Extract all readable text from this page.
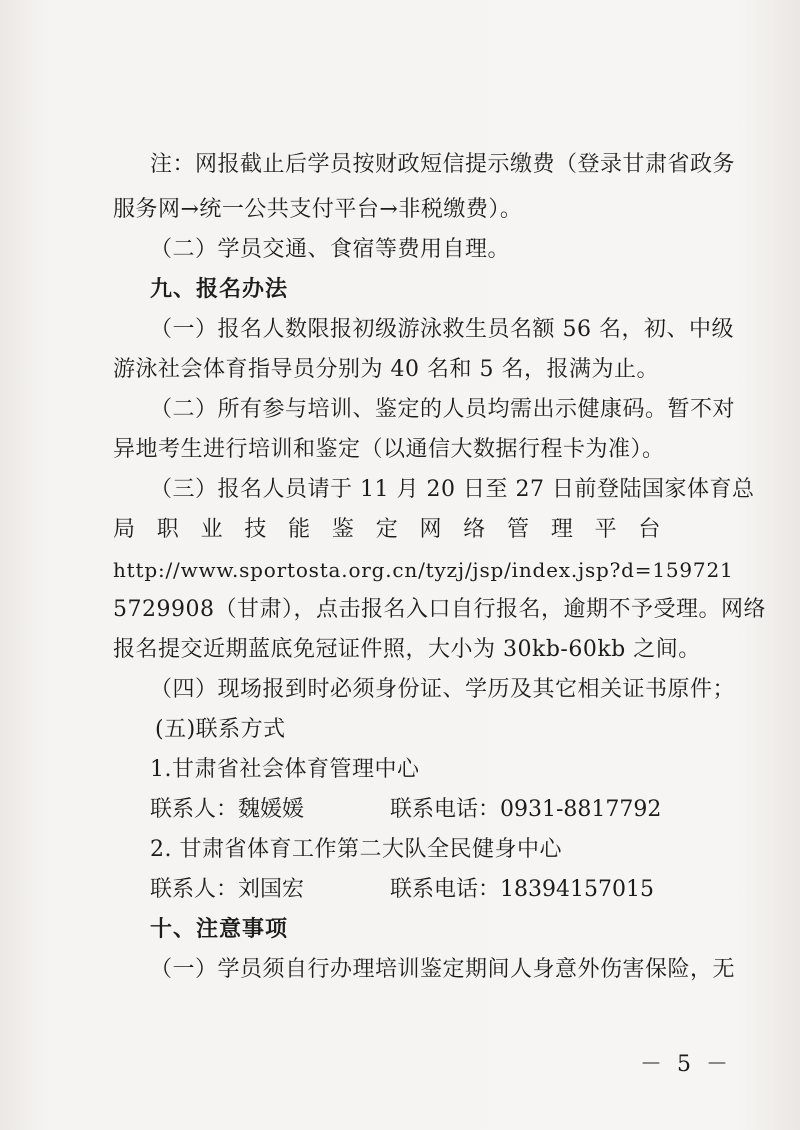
注：网报截止后学员按财政短信提示缴费（登录甘肃省政务
服务网→统一公共支付平台→非税缴费）。
（二）学员交通、食宿等费用自理。
九、报名办法
（一）报名人数限报初级游泳救生员名额 56 名，初、中级
游泳社会体育指导员分别为 40 名和 5 名，报满为止。
（二）所有参与培训、鉴定的人员均需出示健康码。暂不对
异地考生进行培训和鉴定（以通信大数据行程卡为准）。
（三）报名人员请于 11 月 20 日至 27 日前登陆国家体育总
局 职 业 技 能 鉴 定 网 络 管 理 平 台
http://www.sportosta.org.cn/tyzj/jsp/index.jsp?d=159721
5729908（甘肃），点击报名入口自行报名，逾期不予受理。网络
报名提交近期蓝底免冠证件照，大小为 30kb-60kb 之间。
（四）现场报到时必须身份证、学历及其它相关证书原件；
(五)联系方式
1.甘肃省社会体育管理中心
联系人：魏媛媛	联系电话：0931-8817792
2. 甘肃省体育工作第二大队全民健身中心
联系人：刘国宏	联系电话：18394157015
十、注意事项
（一）学员须自行办理培训鉴定期间人身意外伤害保险，无
－ 5 －
